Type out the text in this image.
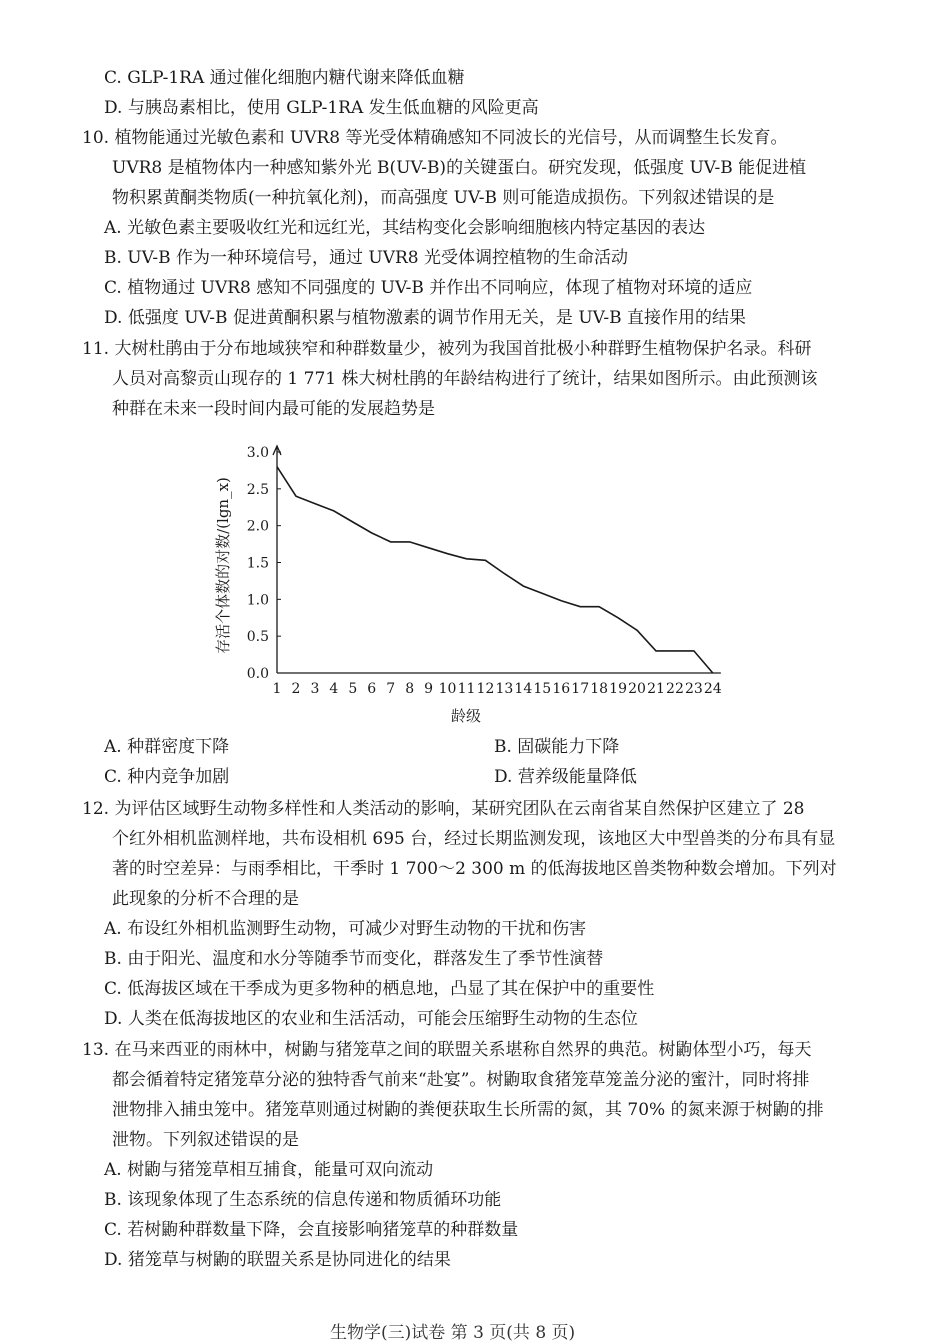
C. GLP-1RA 通过催化细胞内糖代谢来降低血糖
D. 与胰岛素相比，使用 GLP-1RA 发生低血糖的风险更高
10. 植物能通过光敏色素和 UVR8 等光受体精确感知不同波长的光信号，从而调整生长发育。
UVR8 是植物体内一种感知紫外光 B(UV-B)的关键蛋白。研究发现，低强度 UV-B 能促进植
物积累黄酮类物质(一种抗氧化剂)，而高强度 UV-B 则可能造成损伤。下列叙述错误的是
A. 光敏色素主要吸收红光和远红光，其结构变化会影响细胞核内特定基因的表达
B. UV-B 作为一种环境信号，通过 UVR8 光受体调控植物的生命活动
C. 植物通过 UVR8 感知不同强度的 UV-B 并作出不同响应，体现了植物对环境的适应
D. 低强度 UV-B 促进黄酮积累与植物激素的调节作用无关，是 UV-B 直接作用的结果
11. 大树杜鹃由于分布地域狭窄和种群数量少，被列为我国首批极小种群野生植物保护名录。科研
人员对高黎贡山现存的 1 771 株大树杜鹃的年龄结构进行了统计，结果如图所示。由此预测该
种群在未来一段时间内最可能的发展趋势是
0.0
0.5
1.0
1.5
2.0
2.5
3.0
1 2 3 4 5 6 7 8 9 10 11 12 13 14 15 16 17 18 19 20 21 22 23 24
存活个体数的对数/(lgn_x)
龄级
A. 种群密度下降	B. 固碳能力下降
C. 种内竞争加剧	D. 营养级能量降低
12. 为评估区域野生动物多样性和人类活动的影响，某研究团队在云南省某自然保护区建立了 28
个红外相机监测样地，共布设相机 695 台，经过长期监测发现，该地区大中型兽类的分布具有显
著的时空差异：与雨季相比，干季时 1 700～2 300 m 的低海拔地区兽类物种数会增加。下列对
此现象的分析不合理的是
A. 布设红外相机监测野生动物，可减少对野生动物的干扰和伤害
B. 由于阳光、温度和水分等随季节而变化，群落发生了季节性演替
C. 低海拔区域在干季成为更多物种的栖息地，凸显了其在保护中的重要性
D. 人类在低海拔地区的农业和生活活动，可能会压缩野生动物的生态位
13. 在马来西亚的雨林中，树鼩与猪笼草之间的联盟关系堪称自然界的典范。树鼩体型小巧，每天
都会循着特定猪笼草分泌的独特香气前来“赴宴”。树鼩取食猪笼草笼盖分泌的蜜汁，同时将排
泄物排入捕虫笼中。猪笼草则通过树鼩的粪便获取生长所需的氮，其 70% 的氮来源于树鼩的排
泄物。下列叙述错误的是
A. 树鼩与猪笼草相互捕食，能量可双向流动
B. 该现象体现了生态系统的信息传递和物质循环功能
C. 若树鼩种群数量下降，会直接影响猪笼草的种群数量
D. 猪笼草与树鼩的联盟关系是协同进化的结果
生物学(三)试卷 第 3 页(共 8 页)
